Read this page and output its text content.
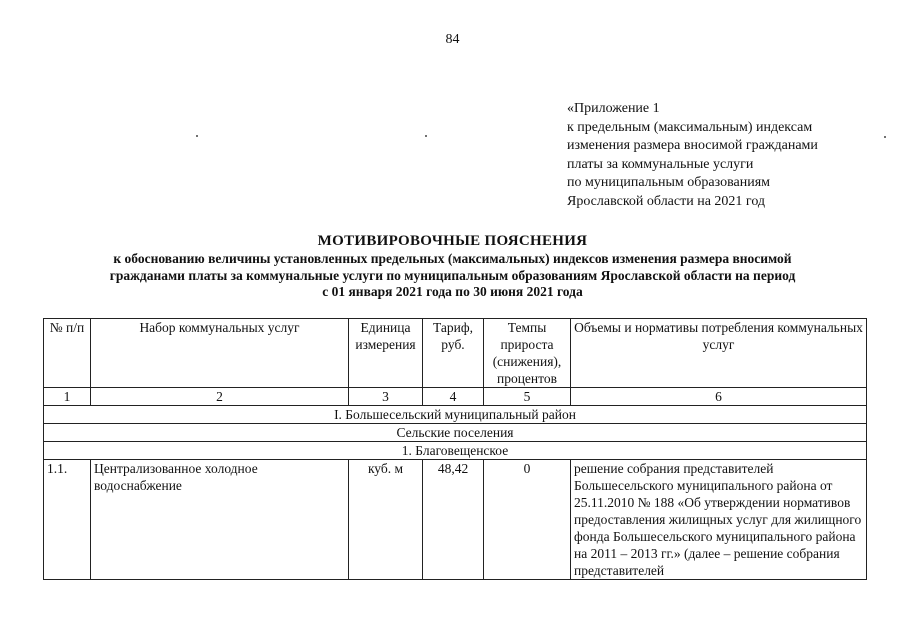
84
«Приложение 1
к предельным (максимальным) индексам
изменения размера вносимой гражданами
платы за коммунальные услуги
по муниципальным образованиям
Ярославской области на 2021 год
МОТИВИРОВОЧНЫЕ ПОЯСНЕНИЯ
к обоснованию величины установленных предельных (максимальных) индексов изменения размера вносимой
гражданами платы за коммунальные услуги по муниципальным образованиям Ярославской области на период
с 01 января 2021 года по 30 июня 2021 года
№ п/п	Набор коммунальных услуг	Единица измерения	Тариф, руб.	Темпы прироста (снижения), процентов	Объемы и нормативы потребления коммунальных услуг
1	2	3	4	5	6
I. Большесельский муниципальный район					
Сельские поселения					
1. Благовещенское					
1.1.	Централизованное холодное водоснабжение	куб. м	48,42	0	решение собрания представителей Большесельского муниципального района от 25.11.2010 № 188 «Об утверждении нормативов предоставления жилищных услуг для жилищного фонда Большесельского муниципального района на 2011 – 2013 гг.» (далее – решение собрания представителей
